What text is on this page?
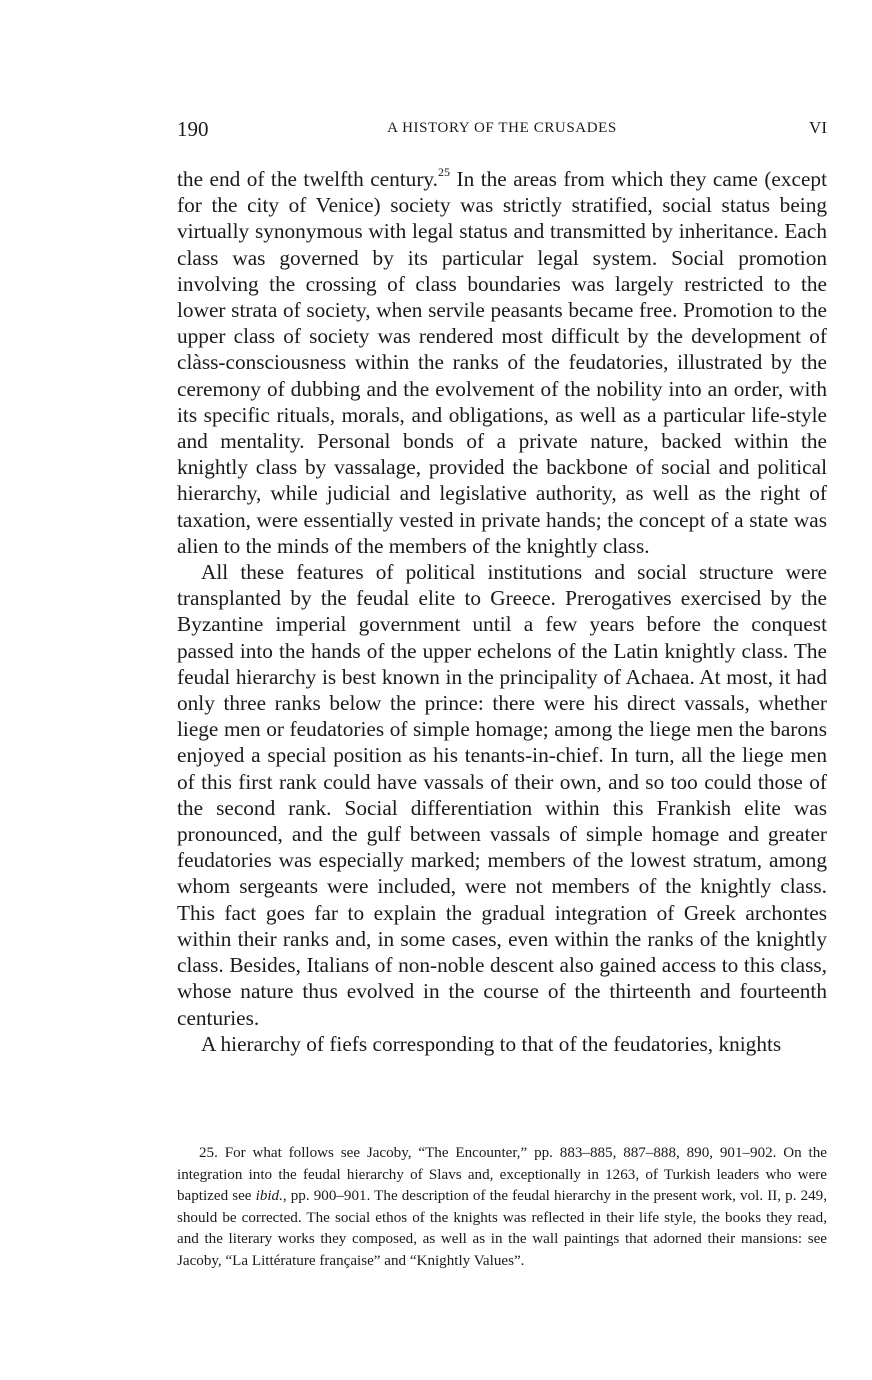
190	A HISTORY OF THE CRUSADES	VI

the end of the twelfth century.$^{25}$ In the areas from which they came (except for the city of Venice) society was strictly stratified, social status being virtually synonymous with legal status and transmitted by inheritance. Each class was governed by its particular legal system. Social promotion involving the crossing of class boundaries was largely restricted to the lower strata of society, when servile peasants became free. Promotion to the upper class of society was rendered most difficult by the development of clàss-consciousness within the ranks of the feudatories, illustrated by the ceremony of dubbing and the evolvement of the nobility into an order, with its specific rituals, morals, and obligations, as well as a particular life-style and mentality. Personal bonds of a private nature, backed within the knightly class by vassalage, provided the backbone of social and political hierarchy, while judicial and legislative authority, as well as the right of taxation, were essentially vested in private hands; the concept of a state was alien to the minds of the members of the knightly class.

All these features of political institutions and social structure were transplanted by the feudal elite to Greece. Prerogatives exercised by the Byzantine imperial government until a few years before the conquest passed into the hands of the upper echelons of the Latin knightly class. The feudal hierarchy is best known in the principality of Achaea. At most, it had only three ranks below the prince: there were his direct vassals, whether liege men or feudatories of simple homage; among the liege men the barons enjoyed a special position as his tenants-in-chief. In turn, all the liege men of this first rank could have vassals of their own, and so too could those of the second rank. Social differentiation within this Frankish elite was pronounced, and the gulf between vassals of simple homage and greater feudatories was especially marked; members of the lowest stratum, among whom sergeants were included, were not members of the knightly class. This fact goes far to explain the gradual integration of Greek archontes within their ranks and, in some cases, even within the ranks of the knightly class. Besides, Italians of non-noble descent also gained access to this class, whose nature thus evolved in the course of the thirteenth and fourteenth centuries.

A hierarchy of fiefs corresponding to that of the feudatories, knights

25. For what follows see Jacoby, “The Encounter,” pp. 883–885, 887–888, 890, 901–902. On the integration into the feudal hierarchy of Slavs and, exceptionally in 1263, of Turkish leaders who were baptized see ibid., pp. 900–901. The description of the feudal hierarchy in the present work, vol. II, p. 249, should be corrected. The social ethos of the knights was reflected in their life style, the books they read, and the literary works they composed, as well as in the wall paintings that adorned their mansions: see Jacoby, “La Littérature française” and “Knightly Values”.
